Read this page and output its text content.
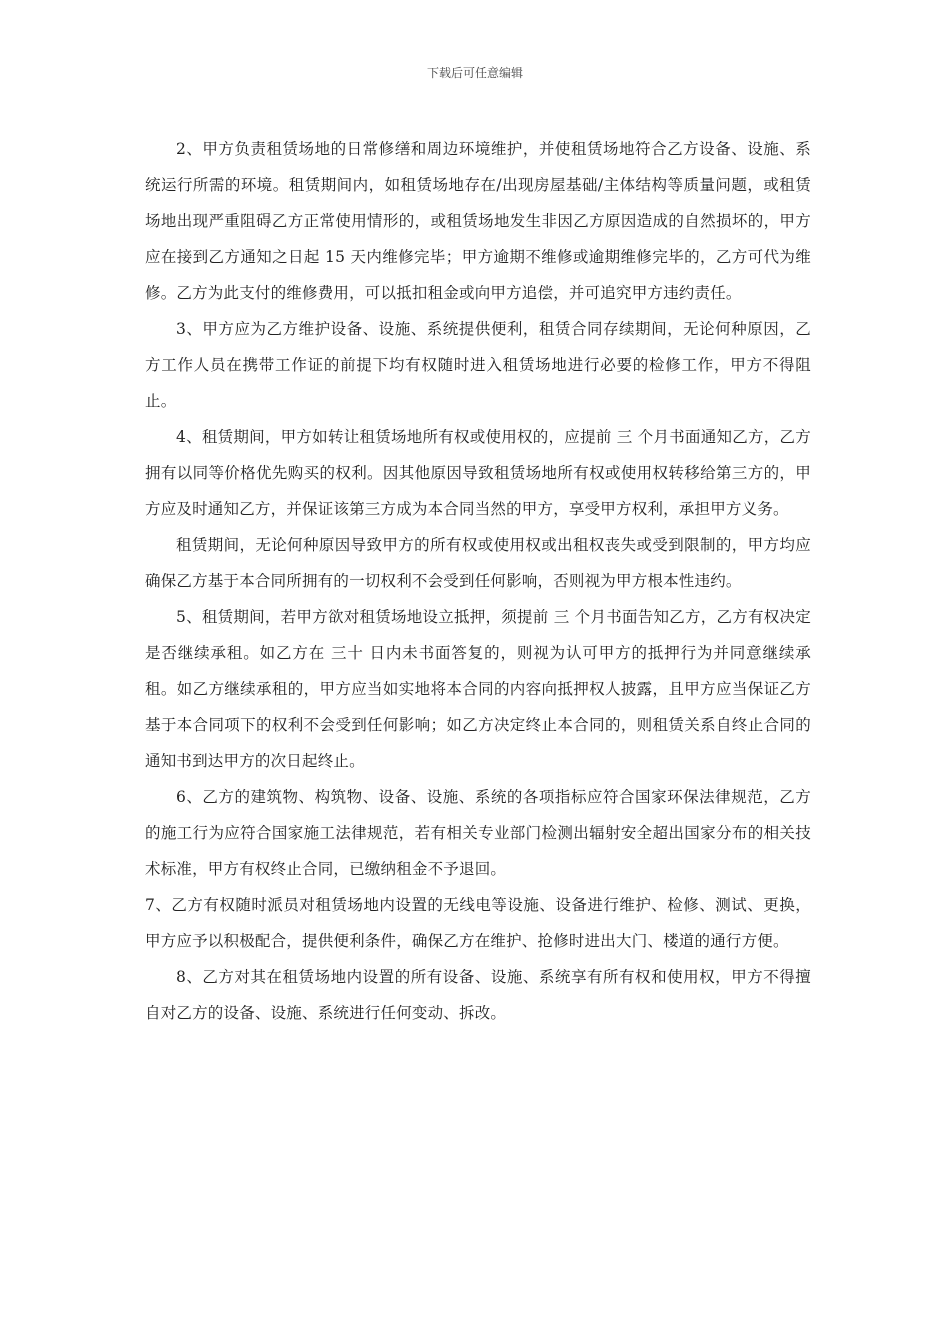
下载后可任意编辑

2、甲方负责租赁场地的日常修缮和周边环境维护，并使租赁场地符合乙方设备、设施、系统运行所需的环境。租赁期间内，如租赁场地存在/出现房屋基础/主体结构等质量问题，或租赁场地出现严重阻碍乙方正常使用情形的，或租赁场地发生非因乙方原因造成的自然损坏的，甲方应在接到乙方通知之日起 15 天内维修完毕；甲方逾期不维修或逾期维修完毕的，乙方可代为维修。乙方为此支付的维修费用，可以抵扣租金或向甲方追偿，并可追究甲方违约责任。

3、甲方应为乙方维护设备、设施、系统提供便利，租赁合同存续期间，无论何种原因，乙方工作人员在携带工作证的前提下均有权随时进入租赁场地进行必要的检修工作，甲方不得阻止。

4、租赁期间，甲方如转让租赁场地所有权或使用权的，应提前 三 个月书面通知乙方，乙方拥有以同等价格优先购买的权利。因其他原因导致租赁场地所有权或使用权转移给第三方的，甲方应及时通知乙方，并保证该第三方成为本合同当然的甲方，享受甲方权利，承担甲方义务。

租赁期间，无论何种原因导致甲方的所有权或使用权或出租权丧失或受到限制的，甲方均应确保乙方基于本合同所拥有的一切权利不会受到任何影响，否则视为甲方根本性违约。

5、租赁期间，若甲方欲对租赁场地设立抵押，须提前 三 个月书面告知乙方，乙方有权决定是否继续承租。如乙方在 三十 日内未书面答复的，则视为认可甲方的抵押行为并同意继续承租。如乙方继续承租的，甲方应当如实地将本合同的内容向抵押权人披露，且甲方应当保证乙方基于本合同项下的权利不会受到任何影响；如乙方决定终止本合同的，则租赁关系自终止合同的通知书到达甲方的次日起终止。

6、乙方的建筑物、构筑物、设备、设施、系统的各项指标应符合国家环保法律规范，乙方的施工行为应符合国家施工法律规范，若有相关专业部门检测出辐射安全超出国家分布的相关技术标准，甲方有权终止合同，已缴纳租金不予退回。

7、乙方有权随时派员对租赁场地内设置的无线电等设施、设备进行维护、检修、测试、更换，甲方应予以积极配合，提供便利条件，确保乙方在维护、抢修时进出大门、楼道的通行方便。

8、乙方对其在租赁场地内设置的所有设备、设施、系统享有所有权和使用权，甲方不得擅自对乙方的设备、设施、系统进行任何变动、拆改。
